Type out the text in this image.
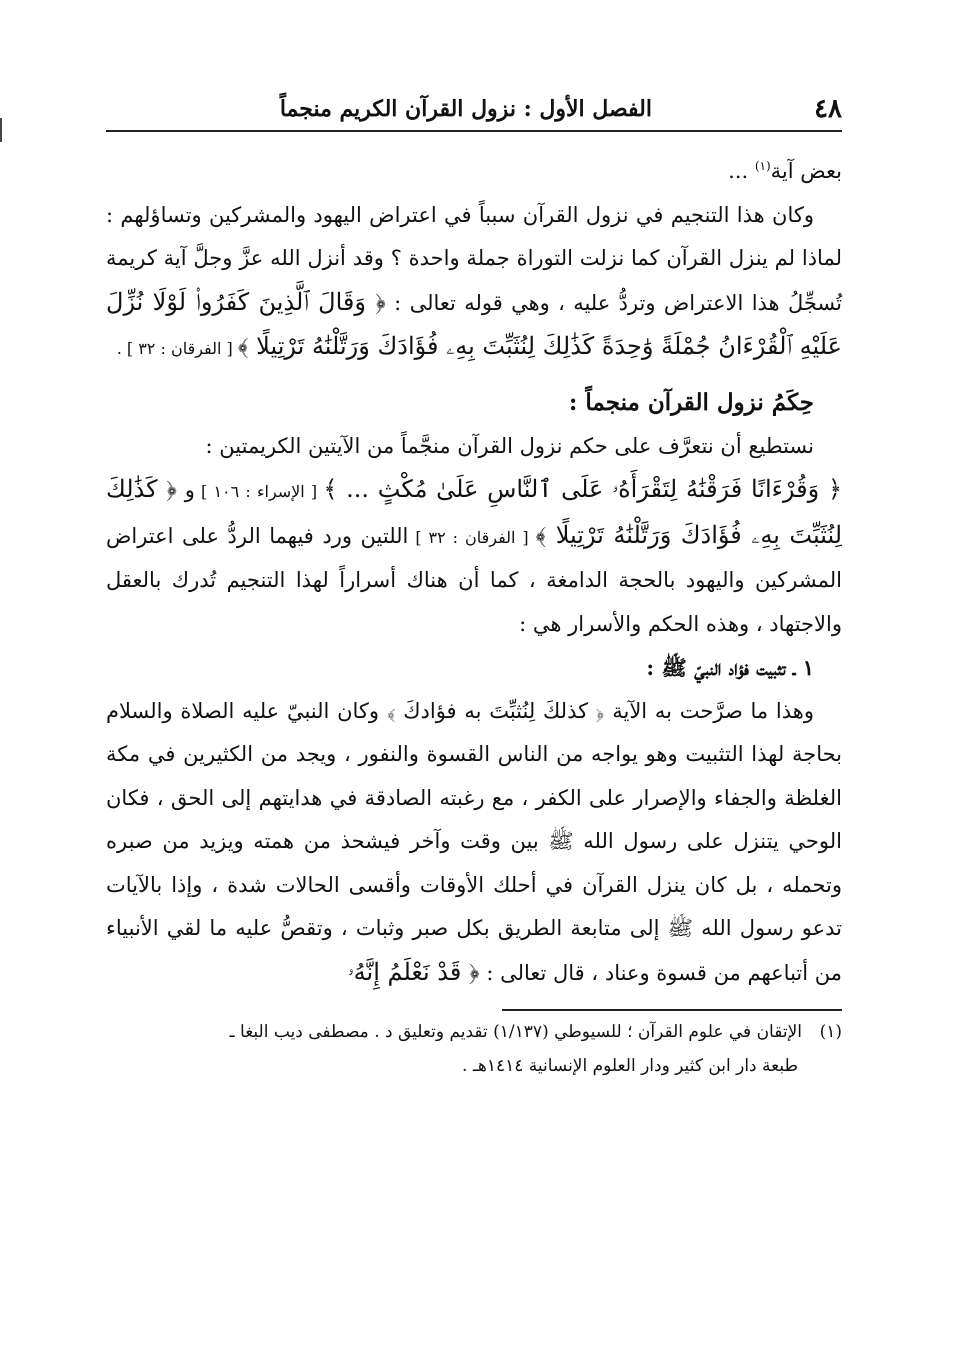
٤٨
الفصل الأول : نزول القرآن الكريم منجماً

بعض آية$^{(١)}$ ...

وكان هذا التنجيم في نزول القرآن سبباً في اعتراض اليهود والمشركين وتساؤلهم : لماذا لم ينزل القرآن كما نزلت التوراة جملة واحدة ؟ وقد أنزل الله عزَّ وجلَّ آية كريمة تُسجِّلُ هذا الاعتراض وتردُّ عليه ، وهي قوله تعالى : ﴿ وَقَالَ ٱلَّذِينَ كَفَرُوا۟ لَوْلَا نُزِّلَ عَلَيْهِ ٱلْقُرْءَانُ جُمْلَةً وَٰحِدَةً كَذَٰلِكَ لِنُثَبِّتَ بِهِۦ فُؤَادَكَ وَرَتَّلْنَٰهُ تَرْتِيلًا ﴾ [ الفرقان : ٣٢ ] .

حِكَمُ نزول القرآن منجماً :

نستطيع أن نتعرَّف على حكم نزول القرآن منجَّماً من الآيتين الكريمتين :

﴿ وَقُرْءَانًا فَرَقْنَٰهُ لِتَقْرَأَهُۥ عَلَى ٱلنَّاسِ عَلَىٰ مُكْثٍ ... ﴾ [ الإسراء : ١٠٦ ] و ﴿ كَذَٰلِكَ لِنُثَبِّتَ بِهِۦ فُؤَادَكَ وَرَتَّلْنَٰهُ تَرْتِيلًا ﴾ [ الفرقان : ٣٢ ] اللتين ورد فيهما الردُّ على اعتراض المشركين واليهود بالحجة الدامغة ، كما أن هناك أسراراً لهذا التنجيم تُدرك بالعقل والاجتهاد ، وهذه الحكم والأسرار هي :

١ ـ تثبيت فؤاد النبيّ ﷺ :

وهذا ما صرَّحت به الآية ﴿ كذلكَ لِنُثبِّتَ به فؤادكَ ﴾ وكان النبيّ عليه الصلاة والسلام بحاجة لهذا التثبيت وهو يواجه من الناس القسوة والنفور ، ويجد من الكثيرين في مكة الغلظة والجفاء والإصرار على الكفر ، مع رغبته الصادقة في هدايتهم إلى الحق ، فكان الوحي يتنزل على رسول الله ﷺ بين وقت وآخر فيشحذ من همته ويزيد من صبره وتحمله ، بل كان ينزل القرآن في أحلك الأوقات وأقسى الحالات شدة ، وإذا بالآيات تدعو رسول الله ﷺ إلى متابعة الطريق بكل صبر وثبات ، وتقصُّ عليه ما لقي الأنبياء من أتباعهم من قسوة وعناد ، قال تعالى : ﴿ قَدْ نَعْلَمُ إِنَّهُۥ

(١)الإتقان في علوم القرآن ؛ للسيوطي (١/١٣٧) تقديم وتعليق د . مصطفى ديب البغا ـ
طبعة دار ابن كثير ودار العلوم الإنسانية ١٤١٤هـ .
